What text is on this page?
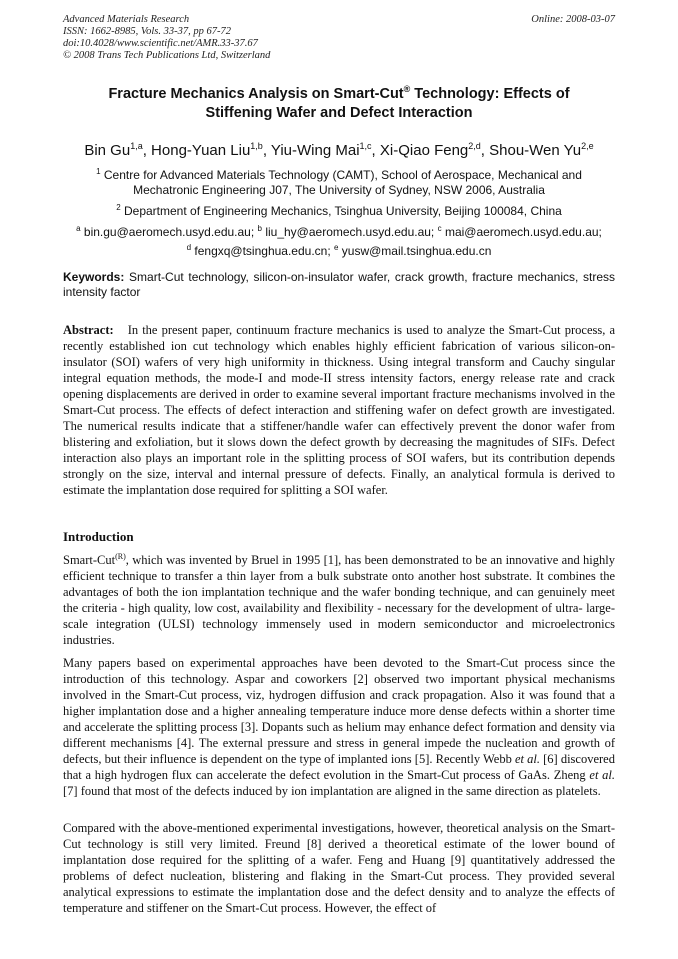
Advanced Materials Research
ISSN: 1662-8985, Vols. 33-37, pp 67-72
doi:10.4028/www.scientific.net/AMR.33-37.67
© 2008 Trans Tech Publications Ltd, Switzerland
Online: 2008-03-07
Fracture Mechanics Analysis on Smart-Cut® Technology: Effects of
Stiffening Wafer and Defect Interaction
Bin Gu$^{1,a}$, Hong-Yuan Liu$^{1,b}$, Yiu-Wing Mai$^{1,c}$, Xi-Qiao Feng$^{2,d}$, Shou-Wen Yu$^{2,e}$
$^1$ Centre for Advanced Materials Technology (CAMT), School of Aerospace, Mechanical and
Mechatronic Engineering J07, The University of Sydney, NSW 2006, Australia
$^2$ Department of Engineering Mechanics, Tsinghua University, Beijing 100084, China
$^a$ bin.gu@aeromech.usyd.edu.au; $^b$ liu_hy@aeromech.usyd.edu.au; $^c$ mai@aeromech.usyd.edu.au;
$^d$ fengxq@tsinghua.edu.cn; $^e$ yusw@mail.tsinghua.edu.cn
Keywords: Smart-Cut technology, silicon-on-insulator wafer, crack growth, fracture mechanics, stress intensity factor
Abstract: In the present paper, continuum fracture mechanics is used to analyze the Smart-Cut process, a recently established ion cut technology which enables highly efficient fabrication of various silicon-on-insulator (SOI) wafers of very high uniformity in thickness. Using integral transform and Cauchy singular integral equation methods, the mode-I and mode-II stress intensity factors, energy release rate and crack opening displacements are derived in order to examine several important fracture mechanisms involved in the Smart-Cut process. The effects of defect interaction and stiffening wafer on defect growth are investigated. The numerical results indicate that a stiffener/handle wafer can effectively prevent the donor wafer from blistering and exfoliation, but it slows down the defect growth by decreasing the magnitudes of SIFs. Defect interaction also plays an important role in the splitting process of SOI wafers, but its contribution depends strongly on the size, interval and internal pressure of defects. Finally, an analytical formula is derived to estimate the implantation dose required for splitting a SOI wafer.
Introduction
Smart-Cut$^{(R)}$, which was invented by Bruel in 1995 [1], has been demonstrated to be an innovative and highly efficient technique to transfer a thin layer from a bulk substrate onto another host substrate. It combines the advantages of both the ion implantation technique and the wafer bonding technique, and can genuinely meet the criteria - high quality, low cost, availability and flexibility - necessary for the development of ultra- large-scale integration (ULSI) technology immensely used in modern semiconductor and microelectronics industries.
Many papers based on experimental approaches have been devoted to the Smart-Cut process since the introduction of this technology. Aspar and coworkers [2] observed two important physical mechanisms involved in the Smart-Cut process, viz, hydrogen diffusion and crack propagation. Also it was found that a higher implantation dose and a higher annealing temperature induce more dense defects within a shorter time and accelerate the splitting process [3]. Dopants such as helium may enhance defect formation and density via different mechanisms [4]. The external pressure and stress in general impede the nucleation and growth of defects, but their influence is dependent on the type of implanted ions [5]. Recently Webb et al. [6] discovered that a high hydrogen flux can accelerate the defect evolution in the Smart-Cut process of GaAs. Zheng et al. [7] found that most of the defects induced by ion implantation are aligned in the same direction as platelets.
Compared with the above-mentioned experimental investigations, however, theoretical analysis on the Smart-Cut technology is still very limited. Freund [8] derived a theoretical estimate of the lower bound of implantation dose required for the splitting of a wafer. Feng and Huang [9] quantitatively addressed the problems of defect nucleation, blistering and flaking in the Smart-Cut process. They provided several analytical expressions to estimate the implantation dose and the defect density and to analyze the effects of temperature and stiffener on the Smart-Cut process. However, the effect of
